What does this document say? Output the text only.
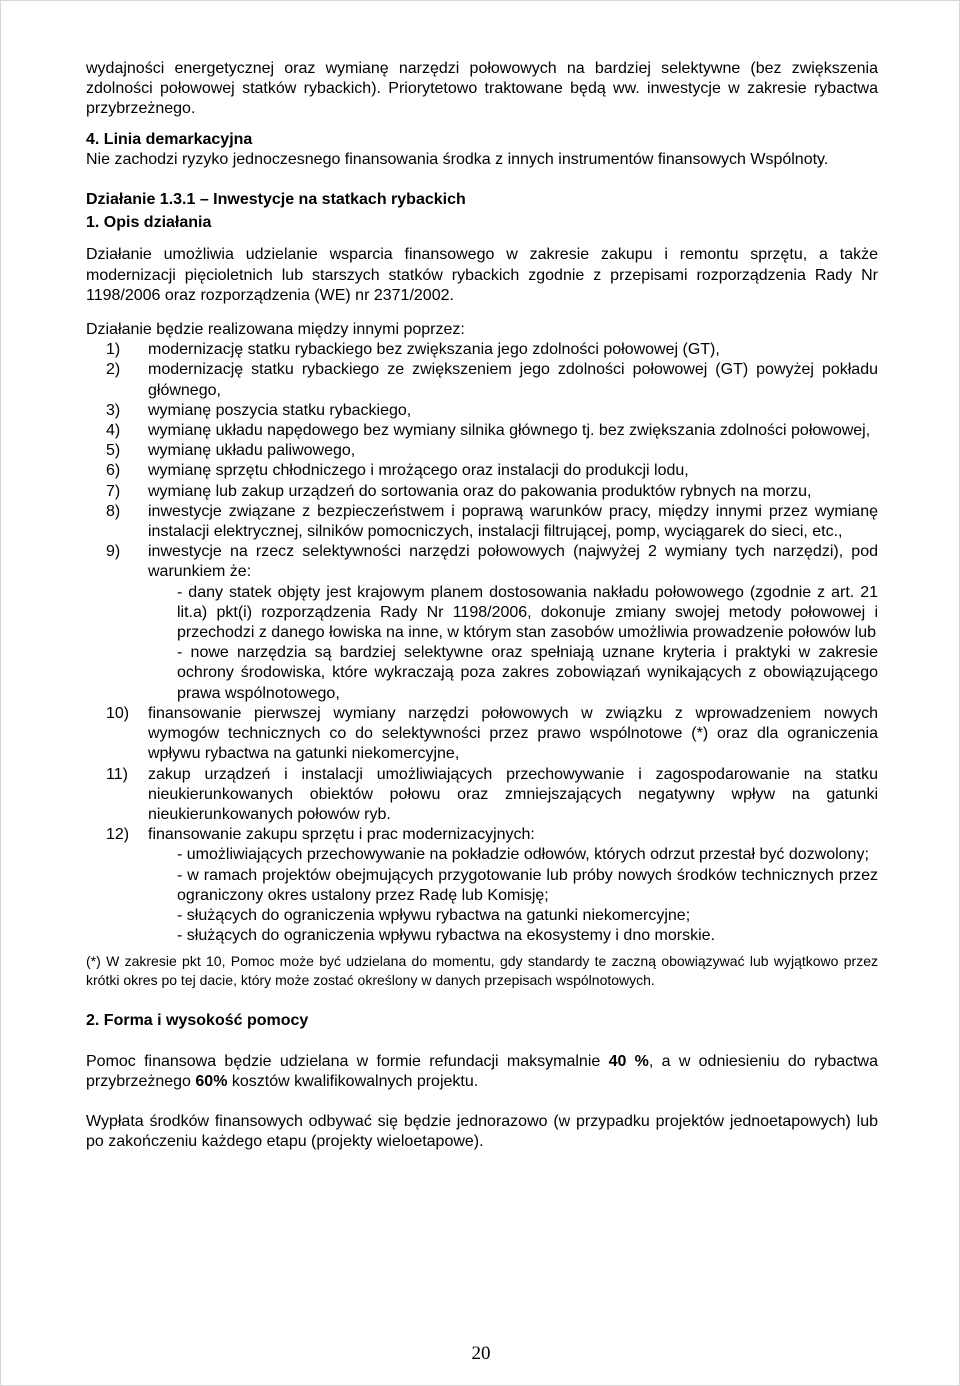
wydajności energetycznej oraz wymianę narzędzi połowowych na bardziej selektywne (bez zwiększenia zdolności połowowej statków rybackich). Priorytetowo traktowane będą ww. inwestycje w zakresie rybactwa przybrzeżnego.

4. Linia demarkacyjna

Nie zachodzi ryzyko jednoczesnego finansowania środka z innych instrumentów finansowych Wspólnoty.

Działanie 1.3.1 – Inwestycje na statkach rybackich

1. Opis działania

Działanie umożliwia udzielanie wsparcia finansowego w zakresie zakupu i remontu sprzętu, a także modernizacji pięcioletnich lub starszych statków rybackich zgodnie z przepisami rozporządzenia Rady Nr 1198/2006 oraz rozporządzenia (WE) nr 2371/2002.

Działanie będzie realizowana między innymi poprzez:

1)	modernizację statku rybackiego bez zwiększania jego zdolności połowowej (GT),
2)	modernizację statku rybackiego ze zwiększeniem jego zdolności połowowej (GT) powyżej pokładu głównego,
3)	wymianę poszycia statku rybackiego,
4)	wymianę układu napędowego bez wymiany silnika głównego tj. bez zwiększania zdolności połowowej,
5)	wymianę układu paliwowego,
6)	wymianę sprzętu chłodniczego i mrożącego oraz instalacji do produkcji lodu,
7)	wymianę lub zakup urządzeń do sortowania oraz do pakowania produktów rybnych na morzu,
8)	inwestycje związane z bezpieczeństwem i poprawą warunków pracy, między innymi przez wymianę instalacji elektrycznej, silników pomocniczych, instalacji filtrującej, pomp, wyciągarek do sieci, etc.,
9)	inwestycje na rzecz selektywności narzędzi połowowych (najwyżej 2 wymiany tych narzędzi), pod warunkiem że:
- dany statek objęty jest krajowym planem dostosowania nakładu połowowego (zgodnie z art. 21 lit.a) pkt(i) rozporządzenia Rady Nr 1198/2006, dokonuje zmiany swojej metody połowowej i przechodzi z danego łowiska na inne, w którym stan zasobów umożliwia prowadzenie połowów lub
- nowe narzędzia są bardziej selektywne oraz spełniają uznane kryteria i praktyki w zakresie ochrony środowiska, które wykraczają poza zakres zobowiązań wynikających z obowiązującego prawa wspólnotowego,
10)	finansowanie pierwszej wymiany narzędzi połowowych w związku z wprowadzeniem nowych wymogów technicznych co do selektywności przez prawo wspólnotowe (*) oraz dla ograniczenia wpływu rybactwa na gatunki niekomercyjne,
11)	zakup urządzeń i instalacji umożliwiających przechowywanie i zagospodarowanie na statku nieukierunkowanych obiektów połowu oraz zmniejszających negatywny wpływ na gatunki nieukierunkowanych połowów ryb.
12)	finansowanie zakupu sprzętu i prac modernizacyjnych:
- umożliwiających przechowywanie na pokładzie odłowów, których odrzut przestał być dozwolony;
- w ramach projektów obejmujących przygotowanie lub próby nowych środków technicznych przez ograniczony okres ustalony przez Radę lub Komisję;
- służących do ograniczenia wpływu rybactwa na gatunki niekomercyjne;
- służących do ograniczenia wpływu rybactwa na ekosystemy i dno morskie.

(*) W zakresie pkt 10, Pomoc może być udzielana do momentu, gdy standardy te zaczną obowiązywać lub wyjątkowo przez krótki okres po tej dacie, który może zostać określony w danych przepisach wspólnotowych.

2. Forma i wysokość pomocy

Pomoc finansowa będzie udzielana w formie refundacji maksymalnie 40 %, a w odniesieniu do rybactwa przybrzeżnego 60% kosztów kwalifikowalnych projektu.

Wypłata środków finansowych odbywać się będzie jednorazowo (w przypadku projektów jednoetapowych) lub po zakończeniu każdego etapu (projekty wieloetapowe).

20
